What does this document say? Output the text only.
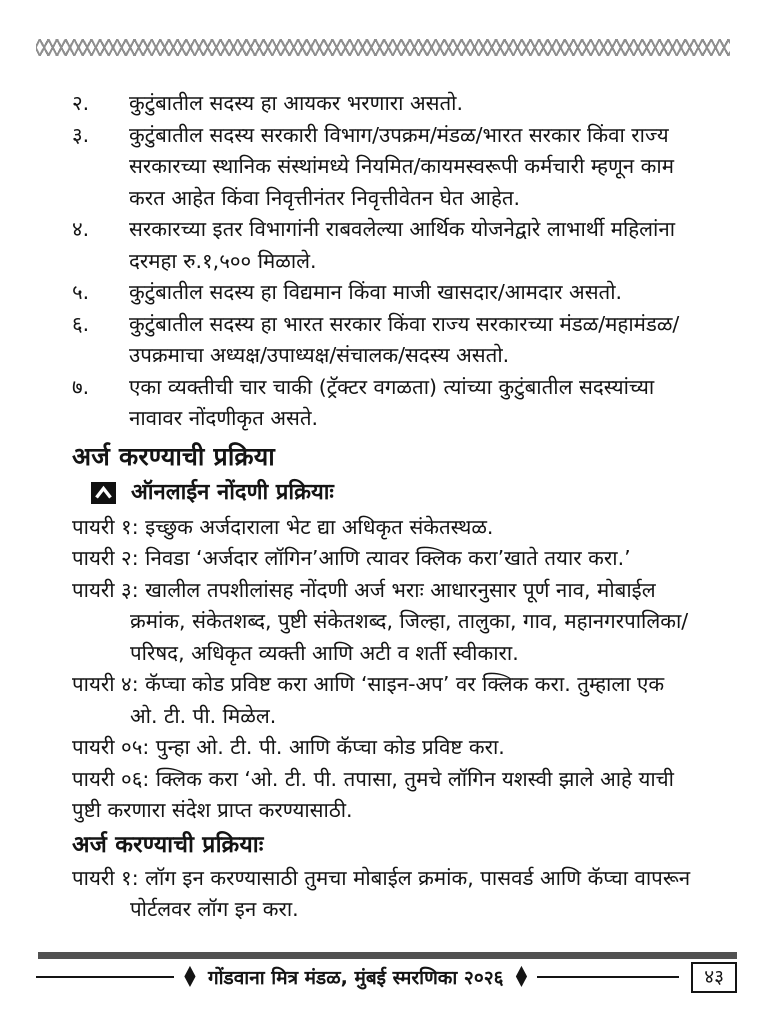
२.	कुटुंबातील सदस्य हा आयकर भरणारा असतो.
३.	कुटुंबातील सदस्य सरकारी विभाग/उपक्रम/मंडळ/भारत सरकार किंवा राज्य सरकारच्या स्थानिक संस्थांमध्ये नियमित/कायमस्वरूपी कर्मचारी म्हणून काम करत आहेत किंवा निवृत्तीनंतर निवृत्तीवेतन घेत आहेत.
४.	सरकारच्या इतर विभागांनी राबवलेल्या आर्थिक योजनेद्वारे लाभार्थी महिलांना दरमहा रु.१,५०० मिळाले.
५.	कुटुंबातील सदस्य हा विद्यमान किंवा माजी खासदार/आमदार असतो.
६.	कुटुंबातील सदस्य हा भारत सरकार किंवा राज्य सरकारच्या मंडळ/महामंडळ/उपक्रमाचा अध्यक्ष/उपाध्यक्ष/संचालक/सदस्य असतो.
७.	एका व्यक्तीची चार चाकी (ट्रॅक्टर वगळता) त्यांच्या कुटुंबातील सदस्यांच्या नावावर नोंदणीकृत असते.
अर्ज करण्याची प्रक्रिया
ऑनलाईन नोंदणी प्रक्रियाः

पायरी १: इच्छुक अर्जदाराला भेट द्या अधिकृत संकेतस्थळ.

पायरी २: निवडा ‘अर्जदार लॉगिन’आणि त्यावर क्लिक करा’खाते तयार करा.’

पायरी ३: खालील तपशीलांसह नोंदणी अर्ज भराः आधारनुसार पूर्ण नाव, मोबाईल क्रमांक, संकेतशब्द, पुष्टी संकेतशब्द, जिल्हा, तालुका, गाव, महानगरपालिका/परिषद, अधिकृत व्यक्ती आणि अटी व शर्ती स्वीकारा.

पायरी ४: कॅप्चा कोड प्रविष्ट करा आणि ‘साइन-अप’ वर क्लिक करा. तुम्हाला एक ओ. टी. पी. मिळेल.

पायरी ०५: पुन्हा ओ. टी. पी. आणि कॅप्चा कोड प्रविष्ट करा.

पायरी ०६: क्लिक करा ‘ओ. टी. पी. तपासा, तुमचे लॉगिन यशस्वी झाले आहे याची पुष्टी करणारा संदेश प्राप्त करण्यासाठी.

अर्ज करण्याची प्रक्रियाः

पायरी १: लॉग इन करण्यासाठी तुमचा मोबाईल क्रमांक, पासवर्ड आणि कॅप्चा वापरून पोर्टलवर लॉग इन करा.

♦ गोंडवाना मित्र मंडळ, मुंबई स्मरणिका २०२६ ♦	४३
